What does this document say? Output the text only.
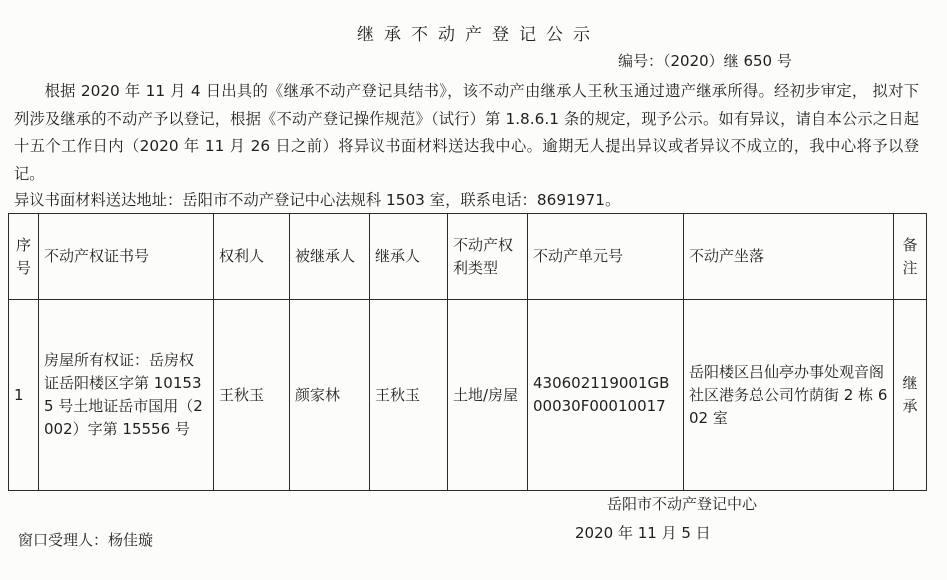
继承不动产登记公示
编号：（2020）继 650 号

根据 2020 年 11 月 4 日出具的《继承不动产登记具结书》，该不动产由继承人王秋玉通过遗产继承所得。经初步审定， 拟对下列涉及继承的不动产予以登记，根据《不动产登记操作规范》（试行）第 1.8.6.1 条的规定，现予公示。如有异议，请自本公示之日起十五个工作日内（2020 年 11 月 26 日之前）将异议书面材料送达我中心。逾期无人提出异议或者异议不成立的，我中心将予以登记。

异议书面材料送达地址：岳阳市不动产登记中心法规科 1503 室，联系电话：8691971。
序号	不动产权证书号	权利人	被继承人	继承人	不动产权利类型	不动产单元号	不动产坐落	备注
1	房屋所有权证：岳房权证岳阳楼区字第 101535 号土地证岳市国用（2002）字第 15556 号	王秋玉	颜家林	王秋玉	土地/房屋	430602119001GB00030F00010017	岳阳楼区吕仙亭办事处观音阁社区港务总公司竹荫街 2 栋 602 室	继承
岳阳市不动产登记中心
2020 年 11 月 5 日
窗口受理人：杨佳璇
